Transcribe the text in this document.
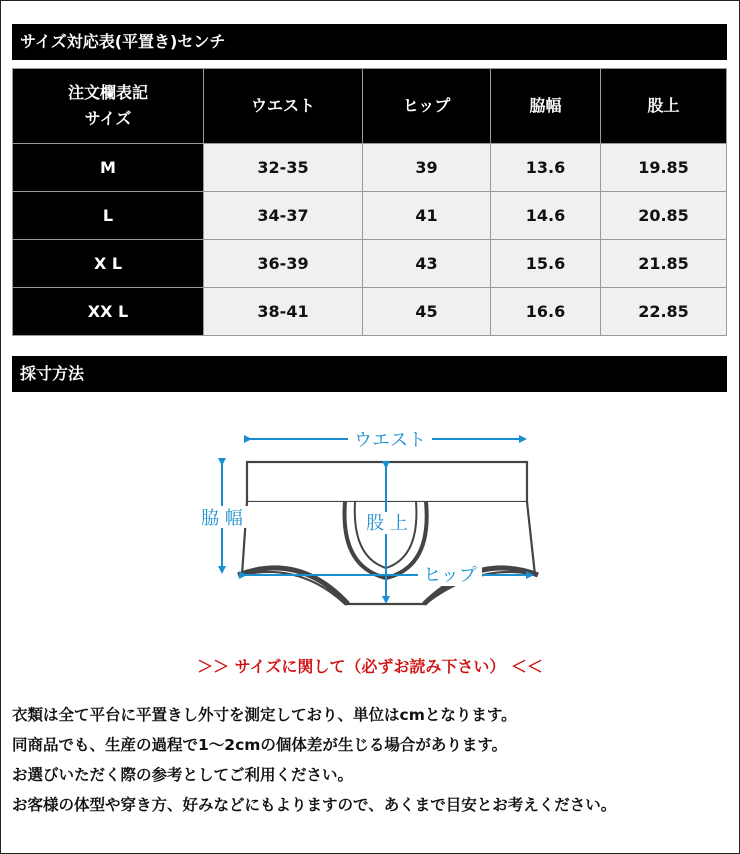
サイズ対応表(平置き)センチ
注文欄表記
サイズ	ウエスト	ヒップ	脇幅	股上
M	32-35	39	13.6	19.85
L	34-37	41	14.6	20.85
X L	36-39	43	15.6	21.85
XX L	38-41	45	16.6	22.85
採寸方法
ウエスト
脇 幅	股 上
ヒップ
＞＞ サイズに関して（必ずお読み下さい） ＜＜
衣類は全て平台に平置きし外寸を測定しており、単位はcmとなります。
同商品でも、生産の過程で1～2cmの個体差が生じる場合があります。
お選びいただく際の参考としてご利用ください。
お客様の体型や穿き方、好みなどにもよりますので、あくまで目安とお考えください。
